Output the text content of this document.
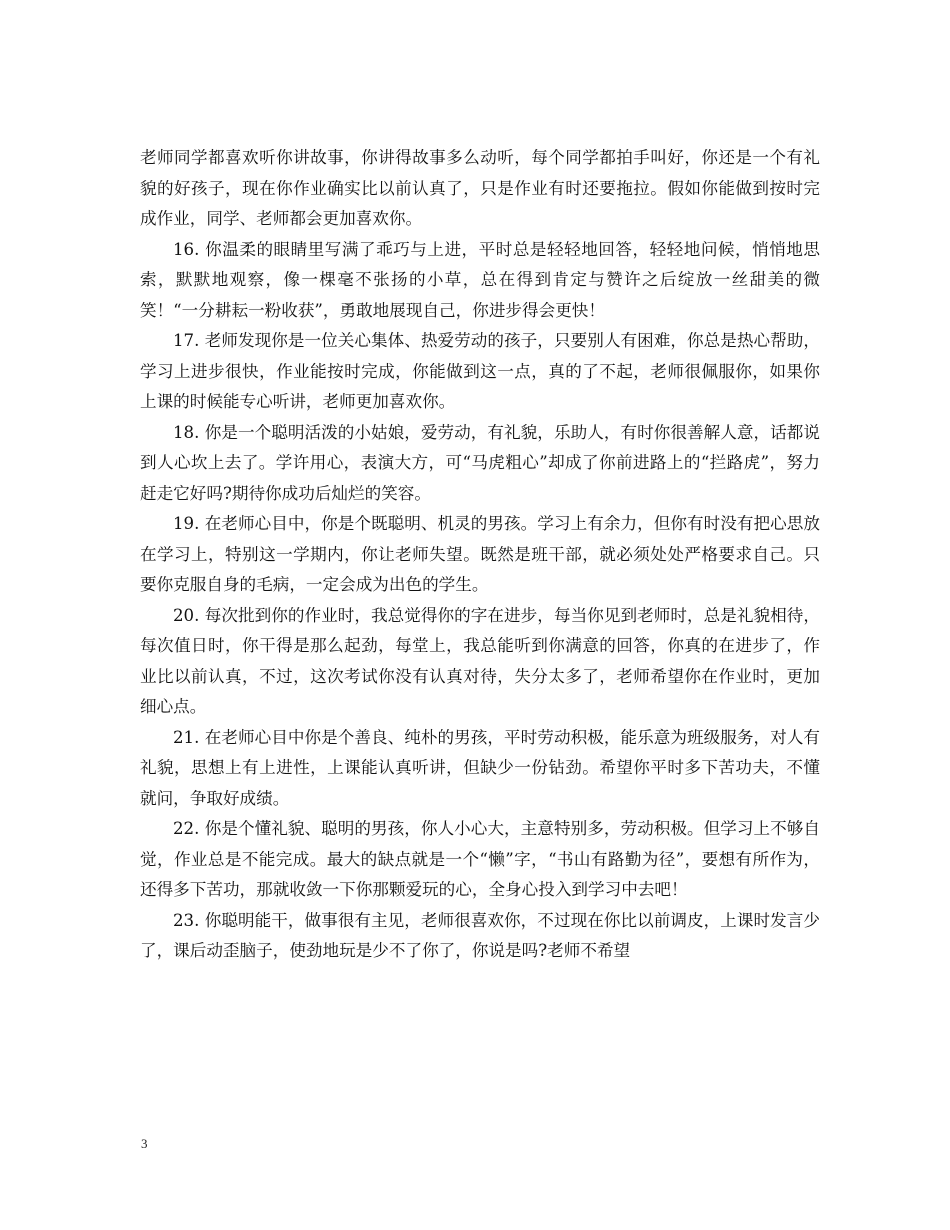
老师同学都喜欢听你讲故事，你讲得故事多么动听，每个同学都拍手叫好，你还是一个有礼貌的好孩子，现在你作业确实比以前认真了，只是作业有时还要拖拉。假如你能做到按时完成作业，同学、老师都会更加喜欢你。

16. 你温柔的眼睛里写满了乖巧与上进，平时总是轻轻地回答，轻轻地问候，悄悄地思索，默默地观察，像一棵毫不张扬的小草，总在得到肯定与赞许之后绽放一丝甜美的微笑！“一分耕耘一粉收获”，勇敢地展现自己，你进步得会更快！

17. 老师发现你是一位关心集体、热爱劳动的孩子，只要别人有困难，你总是热心帮助，学习上进步很快，作业能按时完成，你能做到这一点，真的了不起，老师很佩服你，如果你上课的时候能专心听讲，老师更加喜欢你。

18. 你是一个聪明活泼的小姑娘，爱劳动，有礼貌，乐助人，有时你很善解人意，话都说到人心坎上去了。学许用心，表演大方，可“马虎粗心”却成了你前进路上的“拦路虎”，努力赶走它好吗?期待你成功后灿烂的笑容。

19. 在老师心目中，你是个既聪明、机灵的男孩。学习上有余力，但你有时没有把心思放在学习上，特别这一学期内，你让老师失望。既然是班干部，就必须处处严格要求自己。只要你克服自身的毛病，一定会成为出色的学生。

20. 每次批到你的作业时，我总觉得你的字在进步，每当你见到老师时，总是礼貌相待，每次值日时，你干得是那么起劲，每堂上，我总能听到你满意的回答，你真的在进步了，作业比以前认真，不过，这次考试你没有认真对待，失分太多了，老师希望你在作业时，更加细心点。

21. 在老师心目中你是个善良、纯朴的男孩，平时劳动积极，能乐意为班级服务，对人有礼貌，思想上有上进性，上课能认真听讲，但缺少一份钻劲。希望你平时多下苦功夫，不懂就问，争取好成绩。

22. 你是个懂礼貌、聪明的男孩，你人小心大，主意特别多，劳动积极。但学习上不够自觉，作业总是不能完成。最大的缺点就是一个“懒”字，“书山有路勤为径”，要想有所作为，还得多下苦功，那就收敛一下你那颗爱玩的心，全身心投入到学习中去吧！

23. 你聪明能干，做事很有主见，老师很喜欢你，不过现在你比以前调皮，上课时发言少了，课后动歪脑子，使劲地玩是少不了你了，你说是吗?老师不希望

3
